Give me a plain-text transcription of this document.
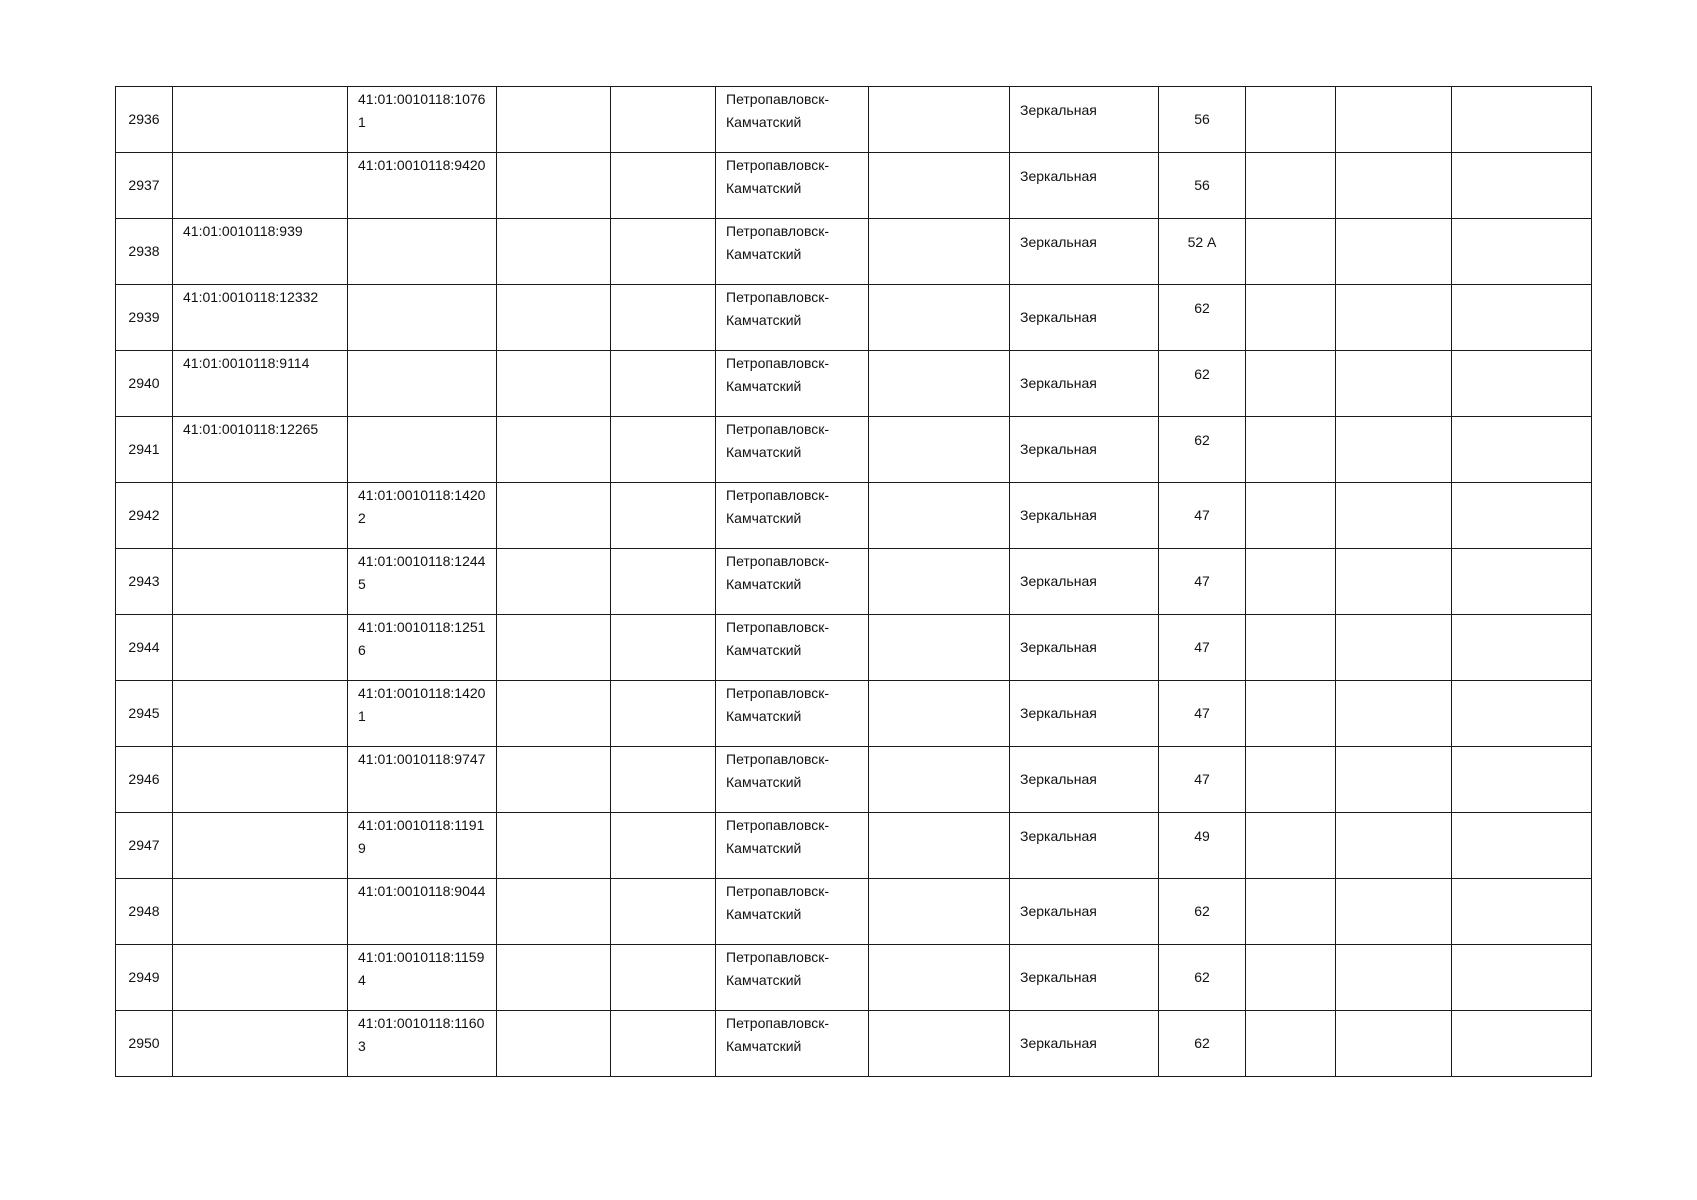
2936		41:01:0010118:10761			Петропавловск-Камчатский		Зеркальная	56			
2937		41:01:0010118:9420			Петропавловск-Камчатский		Зеркальная	56			
2938	41:01:0010118:939				Петропавловск-Камчатский		Зеркальная	52 А			
2939	41:01:0010118:12332				Петропавловск-Камчатский		Зеркальная	62			
2940	41:01:0010118:9114				Петропавловск-Камчатский		Зеркальная	62			
2941	41:01:0010118:12265				Петропавловск-Камчатский		Зеркальная	62			
2942		41:01:0010118:14202			Петропавловск-Камчатский		Зеркальная	47			
2943		41:01:0010118:12445			Петропавловск-Камчатский		Зеркальная	47			
2944		41:01:0010118:12516			Петропавловск-Камчатский		Зеркальная	47			
2945		41:01:0010118:14201			Петропавловск-Камчатский		Зеркальная	47			
2946		41:01:0010118:9747			Петропавловск-Камчатский		Зеркальная	47			
2947		41:01:0010118:11919			Петропавловск-Камчатский		Зеркальная	49			
2948		41:01:0010118:9044			Петропавловск-Камчатский		Зеркальная	62			
2949		41:01:0010118:11594			Петропавловск-Камчатский		Зеркальная	62			
2950		41:01:0010118:11603			Петропавловск-Камчатский		Зеркальная	62			
